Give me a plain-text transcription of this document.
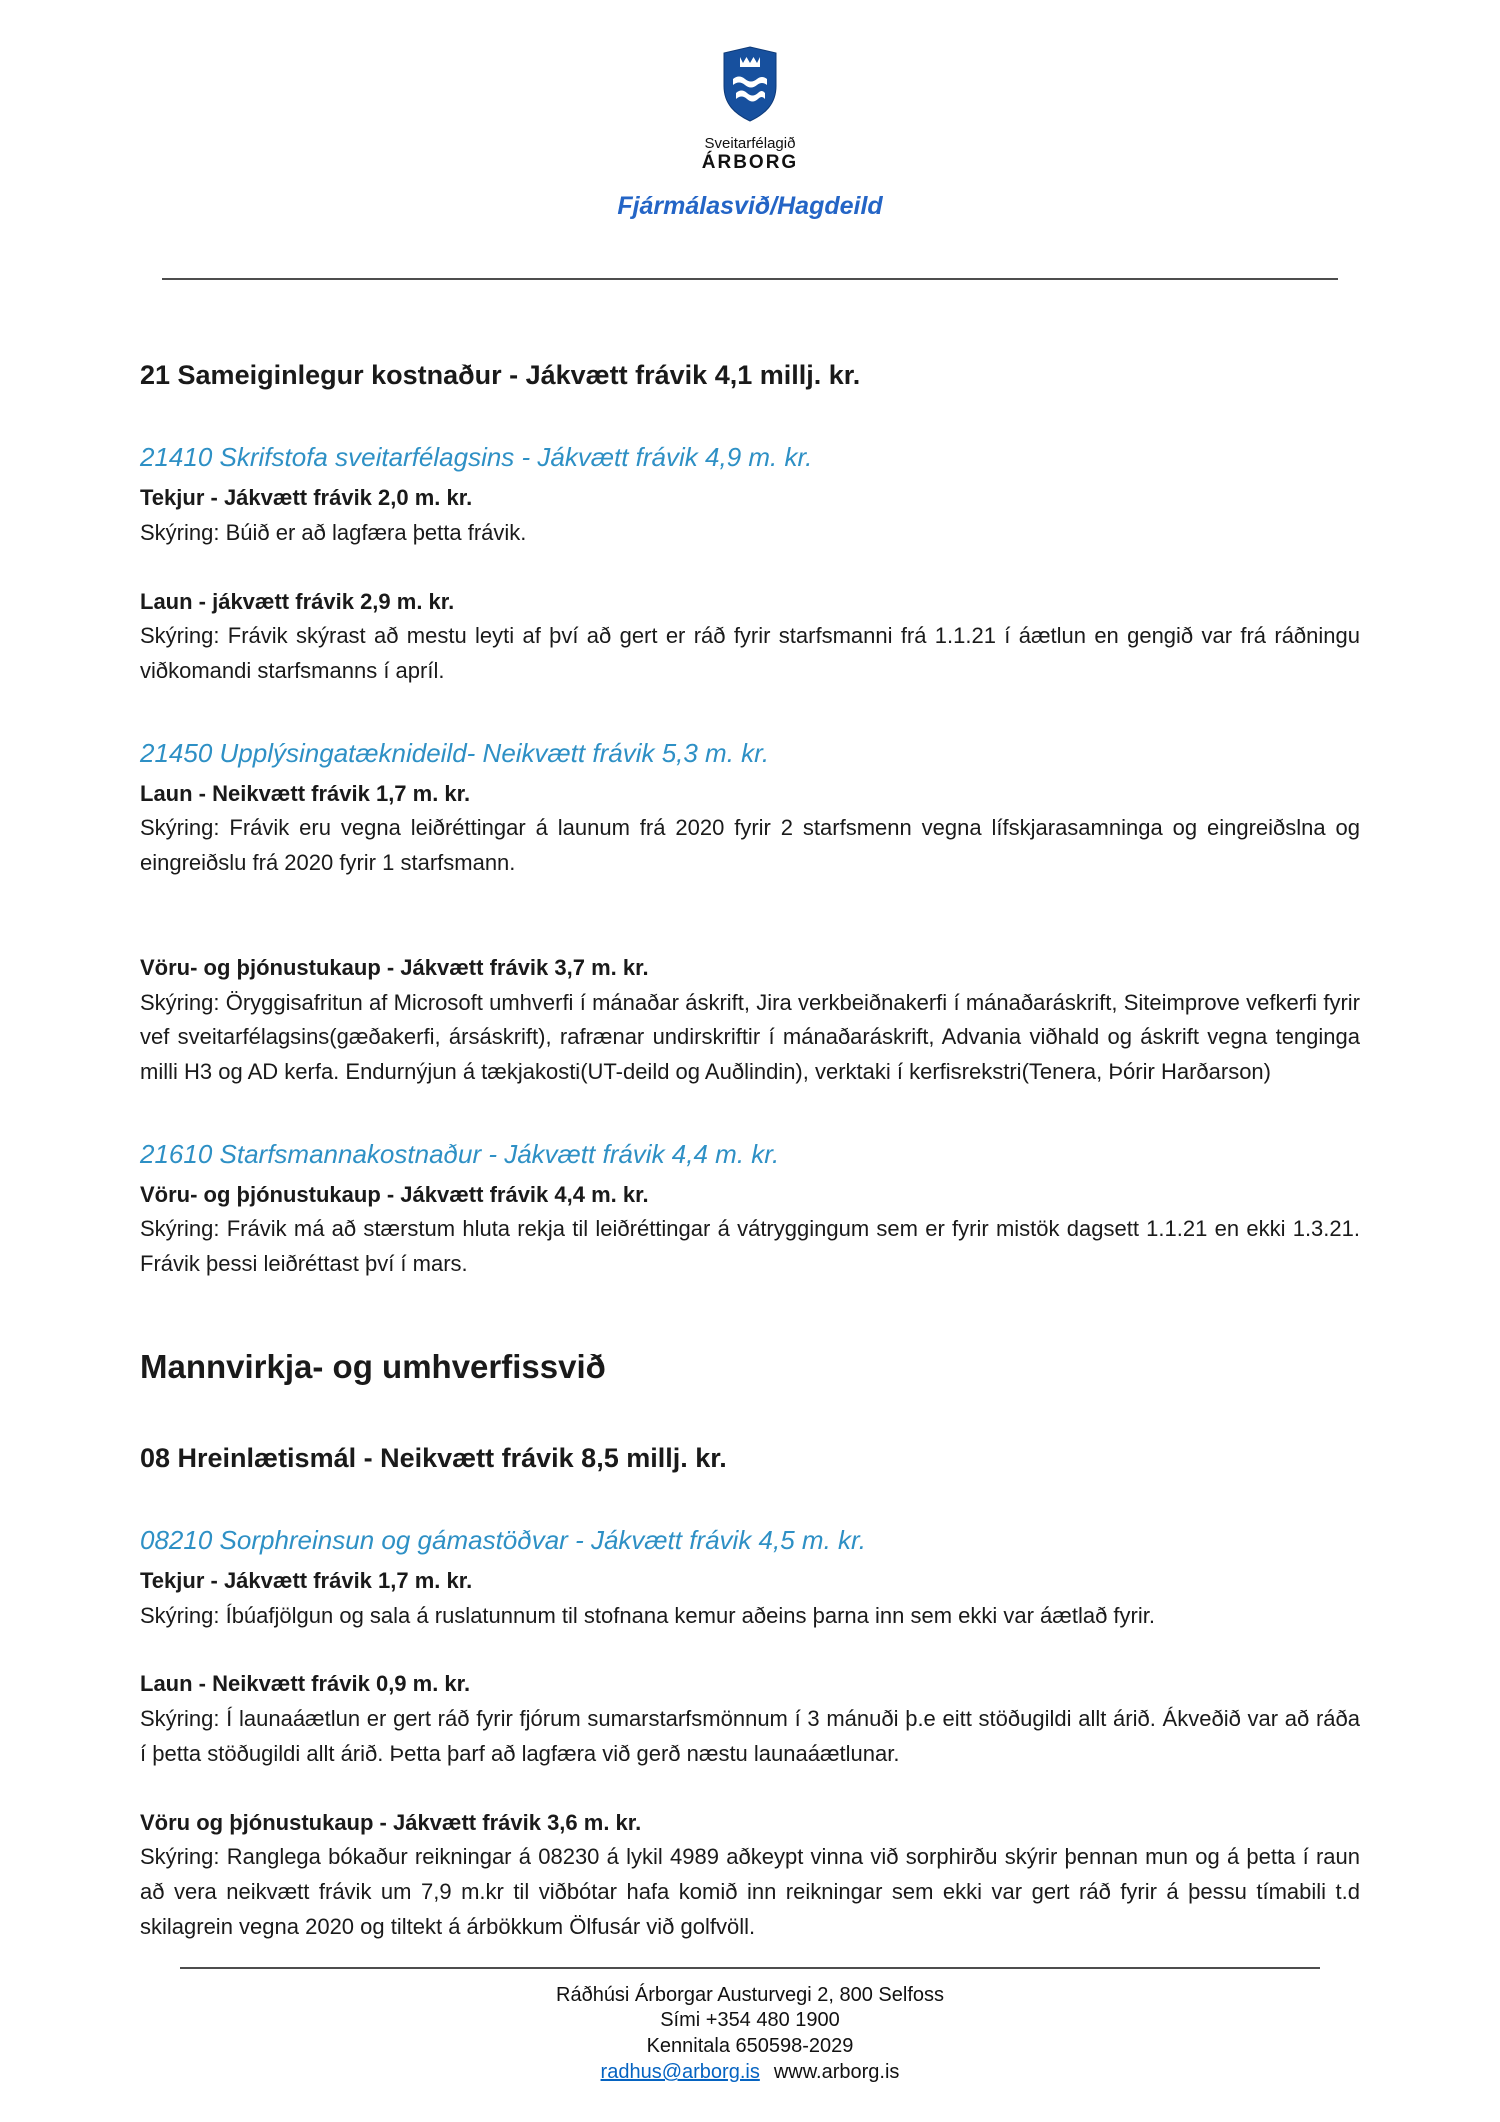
Sveitarfélagið
ÁRBORG
Fjármálasvið/Hagdeild

21 Sameiginlegur kostnaður - Jákvætt frávik 4,1 millj. kr.

21410 Skrifstofa sveitarfélagsins - Jákvætt frávik 4,9 m. kr.

Tekjur - Jákvætt frávik 2,0 m. kr.

Skýring: Búið er að lagfæra þetta frávik.

Laun - jákvætt frávik 2,9 m. kr.

Skýring: Frávik skýrast að mestu leyti af því að gert er ráð fyrir starfsmanni frá 1.1.21 í áætlun en gengið var frá ráðningu viðkomandi starfsmanns í apríl.

21450 Upplýsingatæknideild- Neikvætt frávik 5,3 m. kr.

Laun - Neikvætt frávik 1,7 m. kr.

Skýring: Frávik eru vegna leiðréttingar á launum frá 2020 fyrir 2 starfsmenn vegna lífskjarasamninga og eingreiðslna og eingreiðslu frá 2020 fyrir 1 starfsmann.

Vöru- og þjónustukaup - Jákvætt frávik 3,7 m. kr.

Skýring: Öryggisafritun af Microsoft umhverfi í mánaðar áskrift, Jira verkbeiðnakerfi í mánaðaráskrift, Siteimprove vefkerfi fyrir vef sveitarfélagsins(gæðakerfi, ársáskrift), rafrænar undirskriftir í mánaðaráskrift, Advania viðhald og áskrift vegna tenginga milli H3 og AD kerfa. Endurnýjun á tækjakosti(UT-deild og Auðlindin), verktaki í kerfisrekstri(Tenera, Þórir Harðarson)

21610 Starfsmannakostnaður - Jákvætt frávik 4,4 m. kr.

Vöru- og þjónustukaup - Jákvætt frávik 4,4 m. kr.

Skýring: Frávik má að stærstum hluta rekja til leiðréttingar á vátryggingum sem er fyrir mistök dagsett 1.1.21 en ekki 1.3.21. Frávik þessi leiðréttast því í mars.

Mannvirkja- og umhverfissvið

08 Hreinlætismál - Neikvætt frávik 8,5 millj. kr.

08210 Sorphreinsun og gámastöðvar - Jákvætt frávik 4,5 m. kr.

Tekjur - Jákvætt frávik 1,7 m. kr.

Skýring: Íbúafjölgun og sala á ruslatunnum til stofnana kemur aðeins þarna inn sem ekki var áætlað fyrir.

Laun - Neikvætt frávik 0,9 m. kr.

Skýring: Í launaáætlun er gert ráð fyrir fjórum sumarstarfsmönnum í 3 mánuði þ.e eitt stöðugildi allt árið. Ákveðið var að ráða í þetta stöðugildi allt árið. Þetta þarf að lagfæra við gerð næstu launaáætlunar.

Vöru og þjónustukaup - Jákvætt frávik 3,6 m. kr.

Skýring: Ranglega bókaður reikningar á 08230 á lykil 4989 aðkeypt vinna við sorphirðu skýrir þennan mun og á þetta í raun að vera neikvætt frávik um 7,9 m.kr til viðbótar hafa komið inn reikningar sem ekki var gert ráð fyrir á þessu tímabili t.d skilagrein vegna 2020 og tiltekt á árbökkum Ölfusár við golfvöll.

Ráðhúsi Árborgar Austurvegi 2, 800 Selfoss
Sími +354 480 1900
Kennitala 650598-2029
radhus@arborg.is www.arborg.is
